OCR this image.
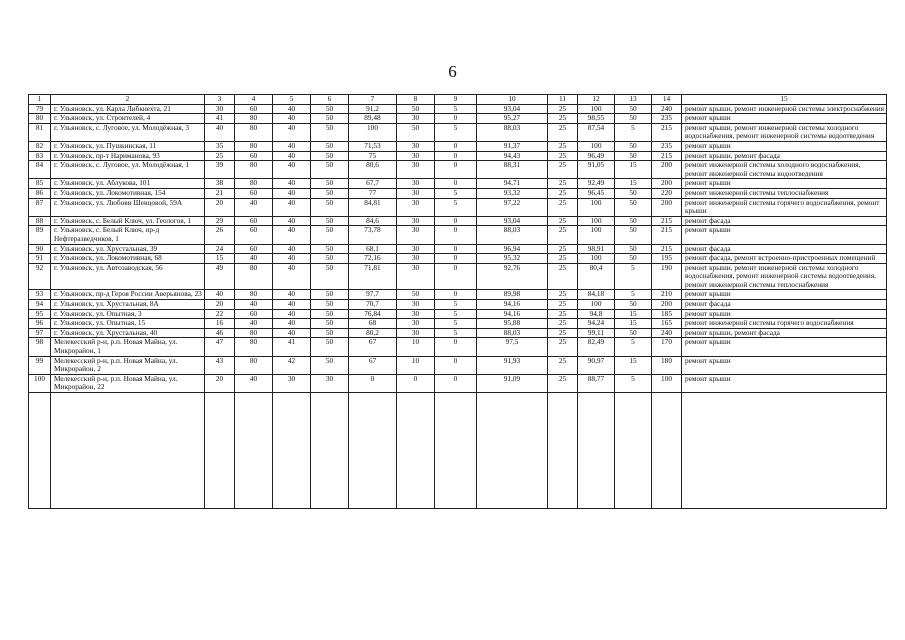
6
1	2	3	4	5	6	7	8	9	10	11	12	13	14	15
79	г. Ульяновск, ул. Карла Либкнехта, 21	30	60	40	50	91,2	50	5	93,04	25	100	50	240	ремонт крыши, ремонт инженерной системы электроснабжения
80	г. Ульяновск, ул. Строителей, 4	41	80	40	50	89,48	30	0	95,27	25	98,55	50	235	ремонт крыши
81	г. Ульяновск, с. Луговое, ул. Молодёжная, 3	40	80	40	50	100	50	5	88,03	25	87,54	5	215	ремонт крыши, ремонт инженерной системы холодного водоснабжения, ремонт инженерной системы водоотведения
82	г. Ульяновск, ул. Пушкинская, 11	35	80	40	50	71,53	30	0	91,37	25	100	50	235	ремонт крыши
83	г. Ульяновск, пр-т Нариманова, 93	25	60	40	50	75	30	0	94,43	25	96,49	50	215	ремонт крыши, ремонт фасада
84	г. Ульяновск, с. Луговое, ул. Молодёжная, 1	39	80	40	50	80,6	30	0	88,31	25	91,05	15	200	ремонт инженерной системы холодного водоснабжения, ремонт инженерной системы водоотведения
85	г. Ульяновск, ул. Аблукова, 101	38	80	40	50	67,7	30	0	94,71	25	92,49	15	200	ремонт крыши
86	г. Ульяновск, ул. Локомотивная, 154	21	60	40	50	77	30	5	93,32	25	96,45	50	220	ремонт инженерной системы теплоснабжения
87	г. Ульяновск, ул. Любови Шевцовой, 59А	20	40	40	50	84,81	30	5	97,22	25	100	50	200	ремонт инженерной системы горячего водоснабжения, ремонт крыши
88	г. Ульяновск, с. Белый Ключ, ул. Геологов, 1	29	60	40	50	84,6	30	0	93,04	25	100	50	215	ремонт фасада
89	г. Ульяновск, с. Белый Ключ, пр-д Нефтеразведчиков, 1	26	60	40	50	73,78	30	0	88,03	25	100	50	215	ремонт крыши
90	г. Ульяновск, ул. Хрустальная, 39	24	60	40	50	68,1	30	0	96,94	25	98,91	50	215	ремонт фасада
91	г. Ульяновск, ул. Локомотивная, 68	15	40	40	50	72,16	30	0	95,32	25	100	50	195	ремонт фасада, ремонт встроенно-пристроенных помещений
92	г. Ульяновск, ул. Автозаводская, 56	49	80	40	50	71,81	30	0	92,76	25	80,4	5	190	ремонт крыши, ремонт инженерной системы холодного водоснабжения, ремонт инженерной системы водоотведения, ремонт инженерной системы теплоснабжения
93	г. Ульяновск, пр-д Героя России Аверьянова, 23	40	80	40	50	97,7	50	0	89,98	25	84,18	5	210	ремонт крыши
94	г. Ульяновск, ул. Хрустальная, 8А	20	40	40	50	70,7	30	5	94,16	25	100	50	200	ремонт фасада
95	г. Ульяновск, ул. Опытная, 3	22	60	40	50	76,84	30	5	94,16	25	94,8	15	185	ремонт крыши
96	г. Ульяновск, ул. Опытная, 15	16	40	40	50	68	30	5	95,88	25	94,24	15	165	ремонт инженерной системы горячего водоснабжения
97	г. Ульяновск, ул. Хрустальная, 40	46	80	40	50	80,2	30	5	88,03	25	99,11	50	240	ремонт крыши, ремонт фасада
98	Мелекесский р-н, р.п. Новая Майна, ул. Микрорайон, 1	47	80	41	50	67	10	0	97,5	25	82,49	5	170	ремонт крыши
99	Мелекесский р-н, р.п. Новая Майна, ул. Микрорайон, 2	43	80	42	50	67	10	0	91,93	25	90,97	15	180	ремонт крыши
100	Мелекесский р-н, р.п. Новая Майна, ул. Микрорайон, 22	20	40	30	30	0	0	0	91,09	25	88,77	5	100	ремонт крыши
